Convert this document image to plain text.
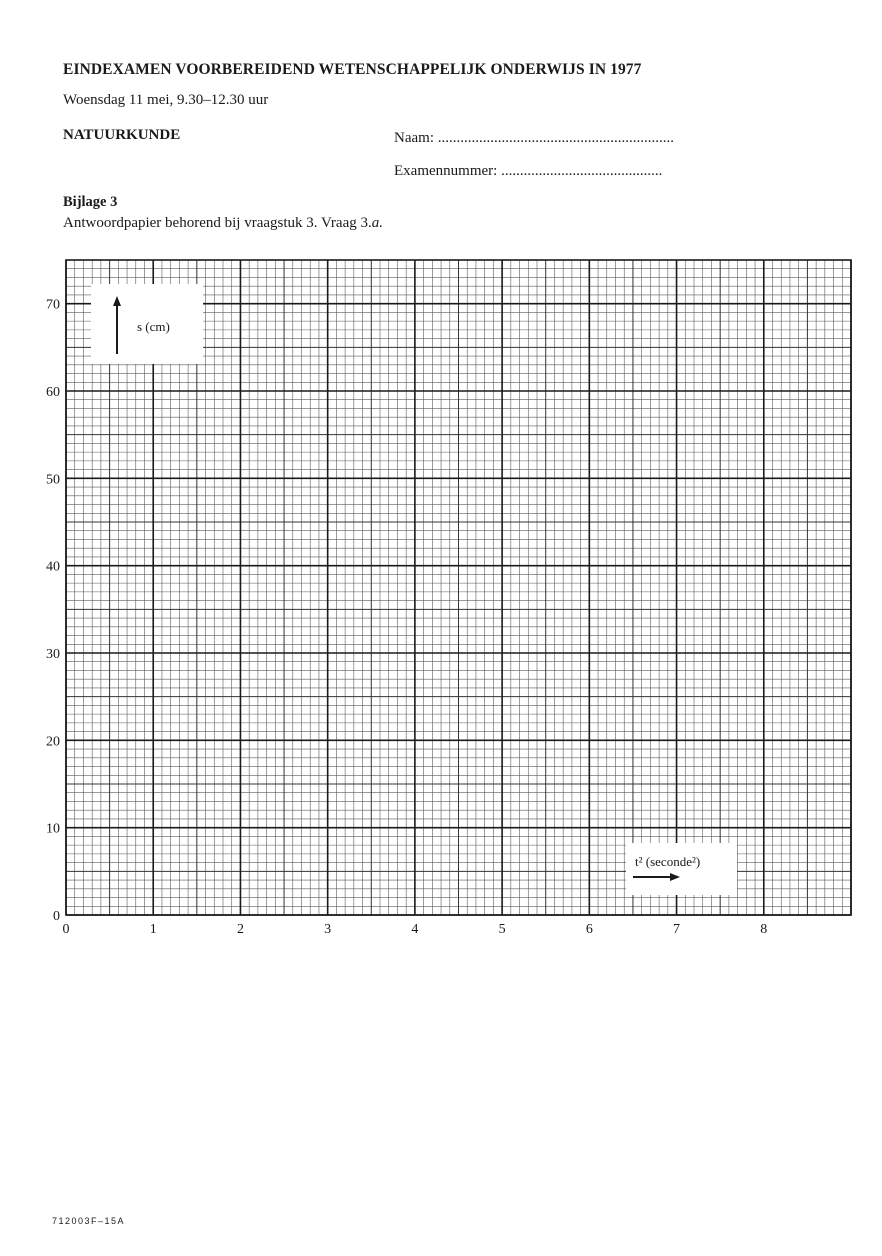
EINDEXAMEN VOORBEREIDEND WETENSCHAPPELIJK ONDERWIJS IN 1977
Woensdag 11 mei, 9.30–12.30 uur
NATUURKUNDE	Naam: ...............................................................
Examennummer: ...........................................
Bijlage 3
Antwoordpapier behorend bij vraagstuk 3. Vraag 3.a.
0
10
20
30
40
50
60
70
0	1	2	3	4	5	6	7	8
s (cm)
t² (seconde²)
712003F–15A
